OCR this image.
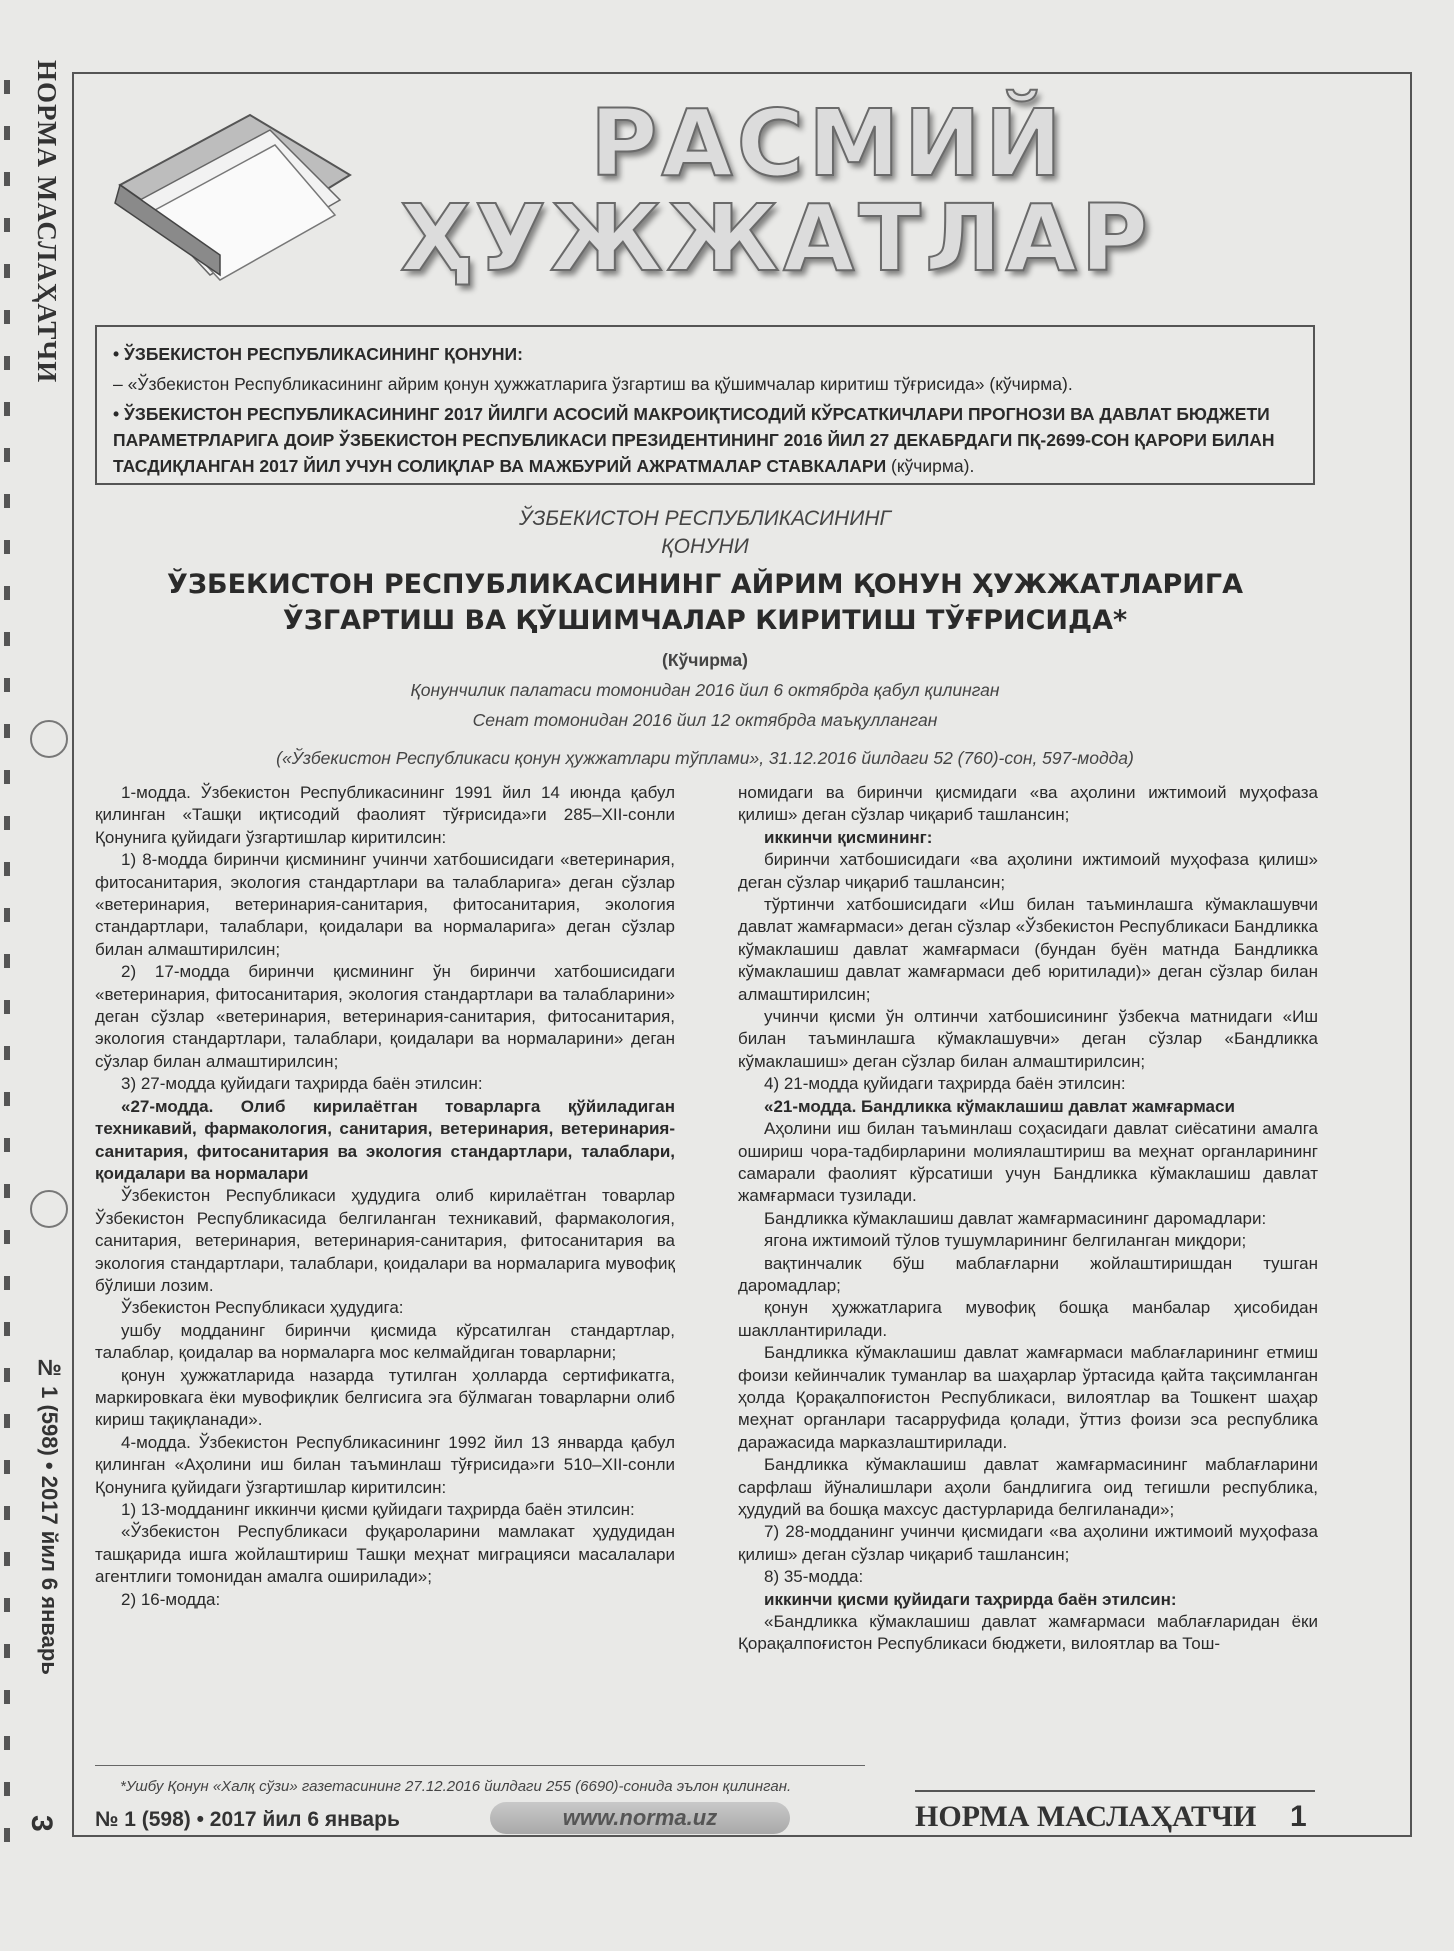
НОРМА МАСЛАҲАТЧИ
№ 1 (598) • 2017 йил 6 январь
3
РАСМИЙ
ҲУЖЖАТЛАР

• ЎЗБЕКИСТОН РЕСПУБЛИКАСИНИНГ ҚОНУНИ:

– «Ўзбекистон Республикасининг айрим қонун ҳужжатларига ўзгартиш ва қўшимчалар киритиш тўғрисида» (кўчирма).

• ЎЗБЕКИСТОН РЕСПУБЛИКАСИНИНГ 2017 ЙИЛГИ АСОСИЙ МАКРОИҚТИСОДИЙ КЎРСАТКИЧЛАРИ ПРОГНОЗИ ВА ДАВЛАТ БЮДЖЕТИ ПАРАМЕТРЛАРИГА ДОИР ЎЗБЕКИСТОН РЕСПУБЛИКАСИ ПРЕЗИДЕНТИНИНГ 2016 ЙИЛ 27 ДЕКАБРДАГИ ПҚ-2699-СОН ҚАРОРИ БИЛАН ТАСДИҚЛАНГАН 2017 ЙИЛ УЧУН СОЛИҚЛАР ВА МАЖБУРИЙ АЖРАТМАЛАР СТАВКАЛАРИ (кўчирма).

ЎЗБЕКИСТОН РЕСПУБЛИКАСИНИНГ
ҚОНУНИ
ЎЗБЕКИСТОН РЕСПУБЛИКАСИНИНГ АЙРИМ ҚОНУН ҲУЖЖАТЛАРИГА
ЎЗГАРТИШ ВА ҚЎШИМЧАЛАР КИРИТИШ ТЎҒРИСИДА*
(Кўчирма)
Қонунчилик палатаси томонидан 2016 йил 6 октябрда қабул қилинган
Сенат томонидан 2016 йил 12 октябрда маъқулланган
(«Ўзбекистон Республикаси қонун ҳужжатлари тўплами», 31.12.2016 йилдаги 52 (760)-сон, 597-модда)

1-модда. Ўзбекистон Республикасининг 1991 йил 14 июнда қабул қилинган «Ташқи иқтисодий фаолият тўғрисида»ги 285–XII-сонли Қонунига қуйидаги ўзгартишлар киритилсин:

1) 8-модда биринчи қисмининг учинчи хатбошисидаги «ветеринария, фитосанитария, экология стандартлари ва талабларига» деган сўзлар «ветеринария, ветеринария-санитария, фитосанитария, экология стандартлари, талаблари, қоидалари ва нормаларига» деган сўзлар билан алмаштирилсин;

2) 17-модда биринчи қисмининг ўн биринчи хатбошисидаги «ветеринария, фитосанитария, экология стандартлари ва талабларини» деган сўзлар «ветеринария, ветеринария-санитария, фитосанитария, экология стандартлари, талаблари, қоидалари ва нормаларини» деган сўзлар билан алмаштирилсин;

3) 27-модда қуйидаги таҳрирда баён этилсин:

«27-модда. Олиб кирилаётган товарларга қўйиладиган техникавий, фармакология, санитария, ветеринария, ветеринария-санитария, фитосанитария ва экология стандартлари, талаблари, қоидалари ва нормалари

Ўзбекистон Республикаси ҳудудига олиб кирилаётган товарлар Ўзбекистон Республикасида белгиланган техникавий, фармакология, санитария, ветеринария, ветеринария-санитария, фитосанитария ва экология стандартлари, талаблари, қоидалари ва нормаларига мувофиқ бўлиши лозим.

Ўзбекистон Республикаси ҳудудига:

ушбу модданинг биринчи қисмида кўрсатилган стандартлар, талаблар, қоидалар ва нормаларга мос келмайдиган товарларни;

қонун ҳужжатларида назарда тутилган ҳолларда сертификатга, маркировкага ёки мувофиқлик белгисига эга бўлмаган товарларни олиб кириш тақиқланади».

4-модда. Ўзбекистон Республикасининг 1992 йил 13 январда қабул қилинган «Аҳолини иш билан таъминлаш тўғрисида»ги 510–XII-сонли Қонунига қуйидаги ўзгартишлар киритилсин:

1) 13-модданинг иккинчи қисми қуйидаги таҳрирда баён этилсин:

«Ўзбекистон Республикаси фуқароларини мамлакат ҳудудидан ташқарида ишга жойлаштириш Ташқи меҳнат миграцияси масалалари агентлиги томонидан амалга оширилади»;

2) 16-модда:

номидаги ва биринчи қисмидаги «ва аҳолини ижтимоий муҳофаза қилиш» деган сўзлар чиқариб ташлансин;

иккинчи қисмининг:

биринчи хатбошисидаги «ва аҳолини ижтимоий муҳофаза қилиш» деган сўзлар чиқариб ташлансин;

тўртинчи хатбошисидаги «Иш билан таъминлашга кўмаклашувчи давлат жамғармаси» деган сўзлар «Ўзбекистон Республикаси Бандликка кўмаклашиш давлат жамғармаси (бундан буён матнда Бандликка кўмаклашиш давлат жамғармаси деб юритилади)» деган сўзлар билан алмаштирилсин;

учинчи қисми ўн олтинчи хатбошисининг ўзбекча матнидаги «Иш билан таъминлашга кўмаклашувчи» деган сўзлар «Бандликка кўмаклашиш» деган сўзлар билан алмаштирилсин;

4) 21-модда қуйидаги таҳрирда баён этилсин:

«21-модда. Бандликка кўмаклашиш давлат жамғармаси

Аҳолини иш билан таъминлаш соҳасидаги давлат сиёсатини амалга ошириш чора-тадбирларини молиялаштириш ва меҳнат органларининг самарали фаолият кўрсатиши учун Бандликка кўмаклашиш давлат жамғармаси тузилади.

Бандликка кўмаклашиш давлат жамғармасининг даромадлари:

ягона ижтимоий тўлов тушумларининг белгиланган миқдори;

вақтинчалик бўш маблағларни жойлаштиришдан тушган даромадлар;

қонун ҳужжатларига мувофиқ бошқа манбалар ҳисобидан шакллантирилади.

Бандликка кўмаклашиш давлат жамғармаси маблағларининг етмиш фоизи кейинчалик туманлар ва шаҳарлар ўртасида қайта тақсимланган ҳолда Қорақалпоғистон Республикаси, вилоятлар ва Тошкент шаҳар меҳнат органлари тасарруфида қолади, ўттиз фоизи эса республика даражасида марказлаштирилади.

Бандликка кўмаклашиш давлат жамғармасининг маблағларини сарфлаш йўналишлари аҳоли бандлигига оид тегишли республика, ҳудудий ва бошқа махсус дастурларида белгиланади»;

7) 28-модданинг учинчи қисмидаги «ва аҳолини ижтимоий муҳофаза қилиш» деган сўзлар чиқариб ташлансин;

8) 35-модда:

иккинчи қисми қуйидаги таҳрирда баён этилсин:

«Бандликка кўмаклашиш давлат жамғармаси маблағларидан ёки Қорақалпоғистон Республикаси бюджети, вилоятлар ва Тош-

*Ушбу Қонун «Халқ сўзи» газетасининг 27.12.2016 йилдаги 255 (6690)-сонида эълон қилинган.
№ 1 (598) • 2017 йил 6 январь	www.norma.uz	НОРМА МАСЛАҲАТЧИ 1
